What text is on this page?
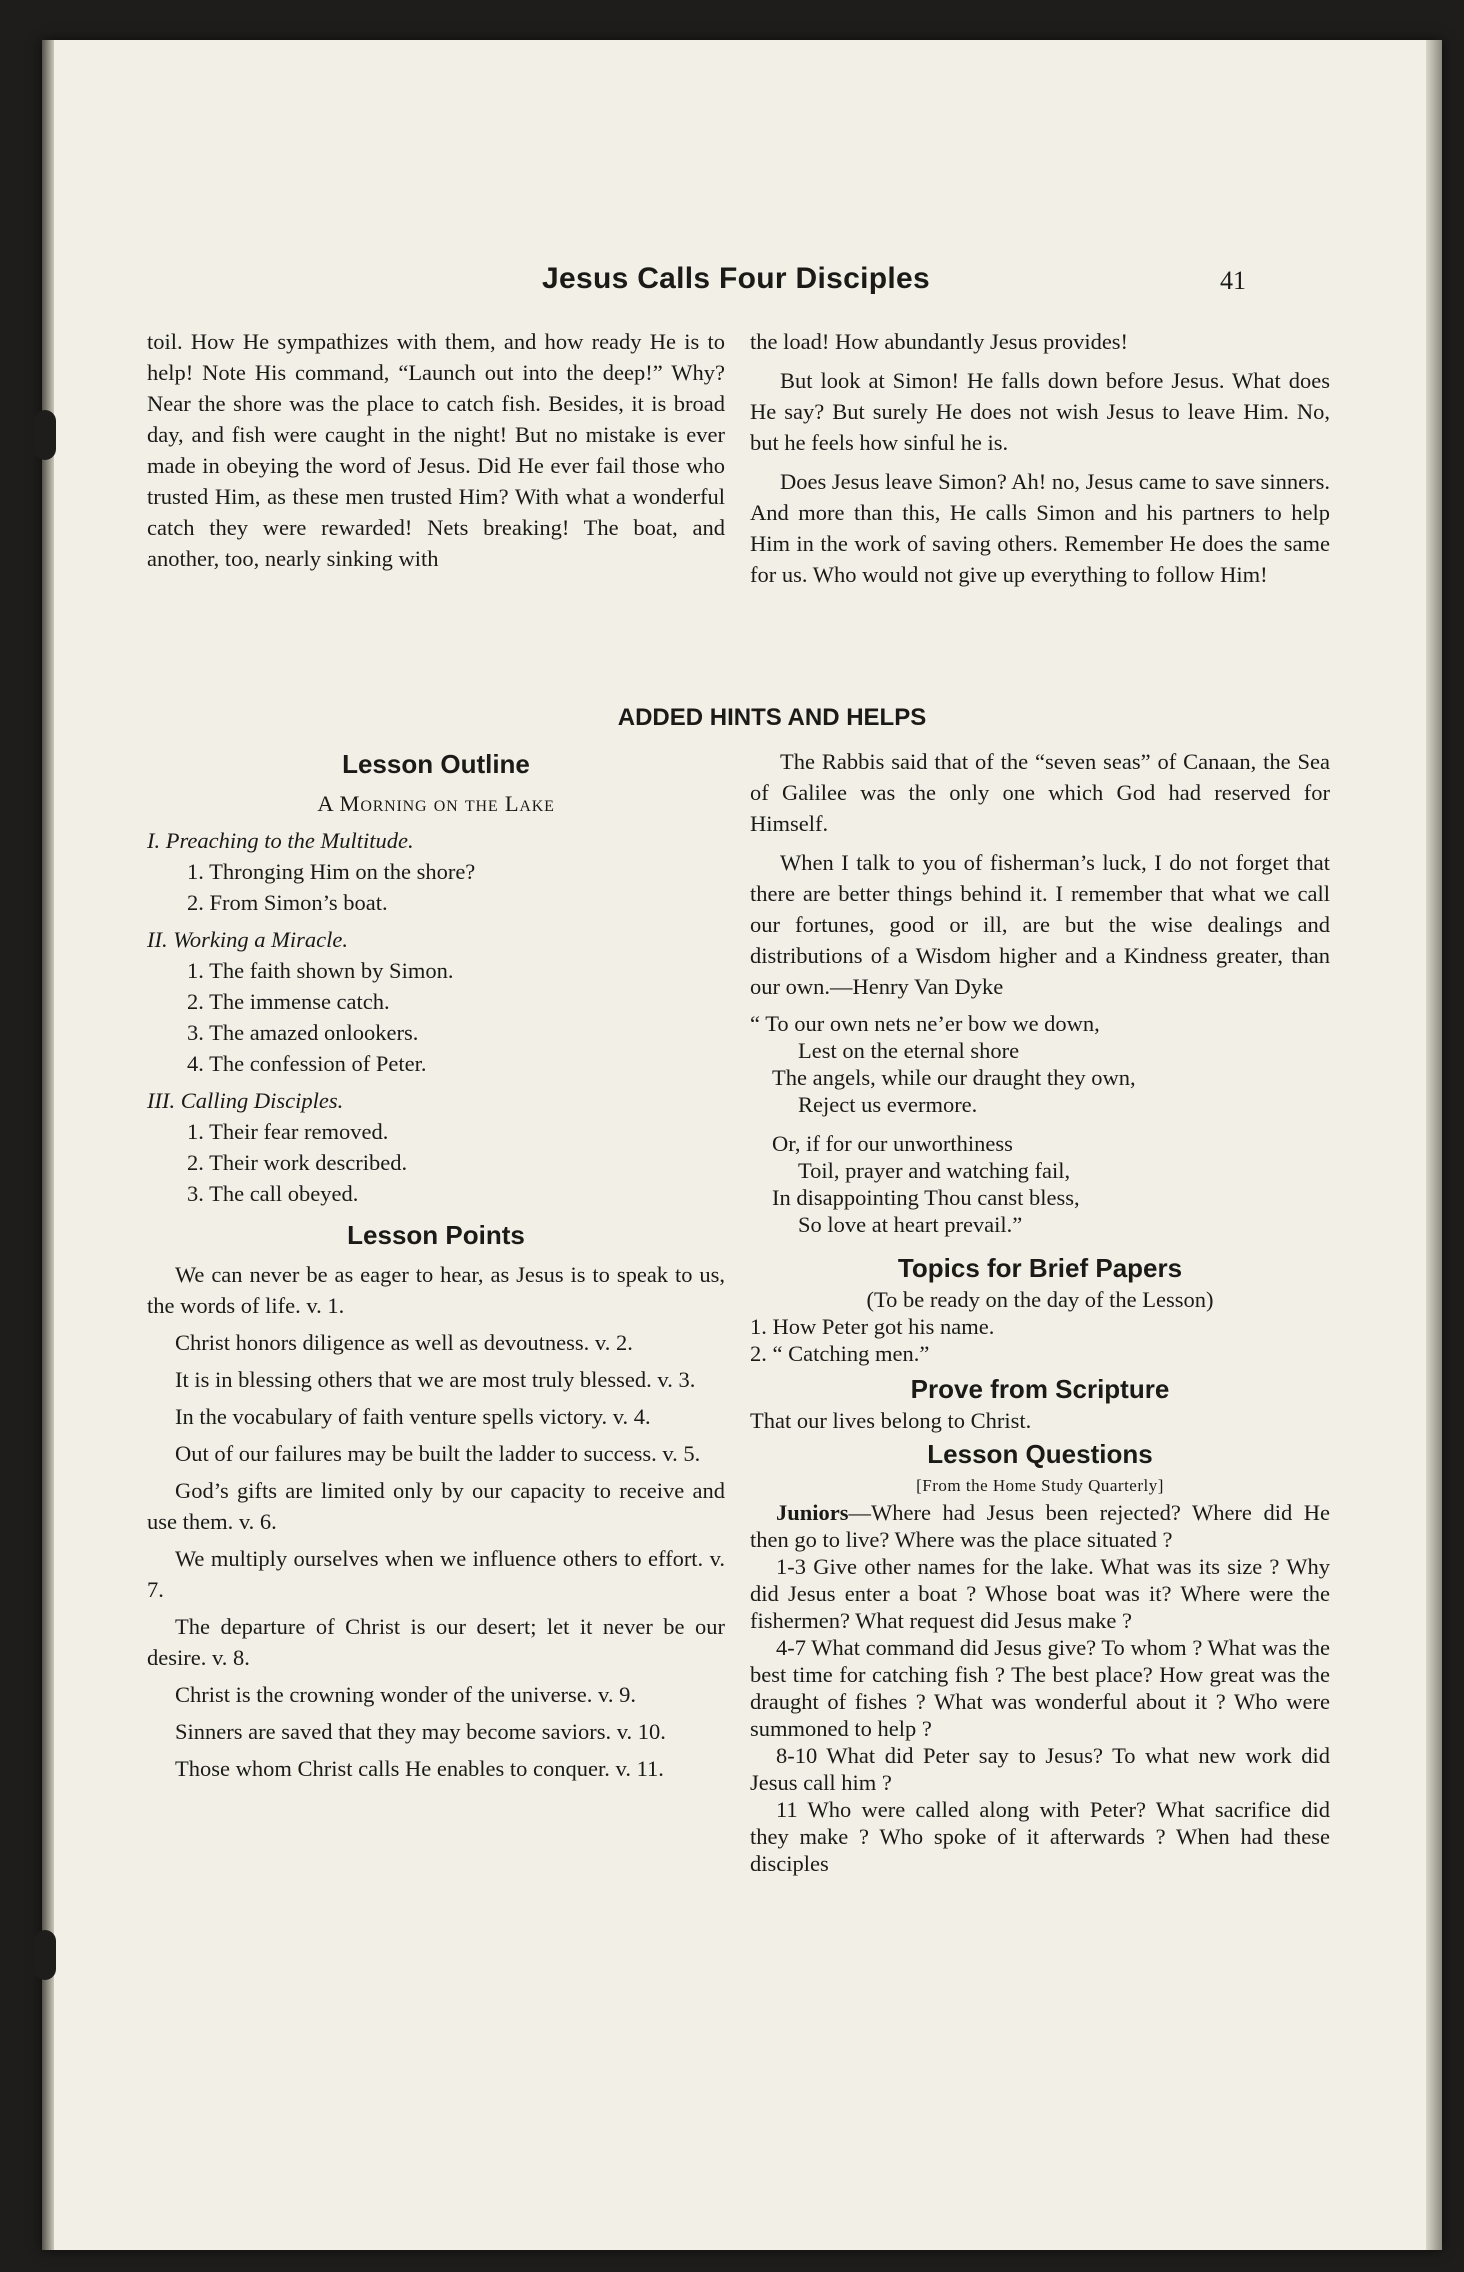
Jesus Calls Four Disciples	41

toil. How He sympathizes with them, and how ready He is to help! Note His command, “Launch out into the deep!” Why? Near the shore was the place to catch fish. Besides, it is broad day, and fish were caught in the night! But no mistake is ever made in obeying the word of Jesus. Did He ever fail those who trusted Him, as these men trusted Him? With what a wonderful catch they were rewarded! Nets breaking! The boat, and another, too, nearly sinking with

the load! How abundantly Jesus provides!

But look at Simon! He falls down before Jesus. What does He say? But surely He does not wish Jesus to leave Him. No, but he feels how sinful he is.

Does Jesus leave Simon? Ah! no, Jesus came to save sinners. And more than this, He calls Simon and his partners to help Him in the work of saving others. Remember He does the same for us. Who would not give up everything to follow Him!

ADDED HINTS AND HELPS
Lesson Outline
A Morning on the Lake
I. Preaching to the Multitude.
1. Thronging Him on the shore?
2. From Simon’s boat.
II. Working a Miracle.
1. The faith shown by Simon.
2. The immense catch.
3. The amazed onlookers.
4. The confession of Peter.
III. Calling Disciples.
1. Their fear removed.
2. Their work described.
3. The call obeyed.
Lesson Points
We can never be as eager to hear, as Jesus is to speak to us, the words of life. v. 1.
Christ honors diligence as well as devoutness. v. 2.
It is in blessing others that we are most truly blessed. v. 3.
In the vocabulary of faith venture spells victory. v. 4.
Out of our failures may be built the ladder to success. v. 5.
God’s gifts are limited only by our capacity to receive and use them. v. 6.
We multiply ourselves when we influence others to effort. v. 7.
The departure of Christ is our desert; let it never be our desire. v. 8.
Christ is the crowning wonder of the universe. v. 9.
Sinners are saved that they may become saviors. v. 10.
Those whom Christ calls He enables to conquer. v. 11.
The Rabbis said that of the “seven seas” of Canaan, the Sea of Galilee was the only one which God had reserved for Himself.
When I talk to you of fisherman’s luck, I do not forget that there are better things behind it. I remember that what we call our fortunes, good or ill, are but the wise dealings and distributions of a Wisdom higher and a Kindness greater, than our own.—Henry Van Dyke
“ To our own nets ne’er bow we down,
Lest on the eternal shore
The angels, while our draught they own,
Reject us evermore.
Or, if for our unworthiness
Toil, prayer and watching fail,
In disappointing Thou canst bless,
So love at heart prevail.”
Topics for Brief Papers
(To be ready on the day of the Lesson)
1. How Peter got his name.
2. “ Catching men.”
Prove from Scripture
That our lives belong to Christ.
Lesson Questions
[From the Home Study Quarterly]
Juniors—Where had Jesus been rejected? Where did He then go to live? Where was the place situated ?
1-3 Give other names for the lake. What was its size ? Why did Jesus enter a boat ? Whose boat was it? Where were the fishermen? What request did Jesus make ?
4-7 What command did Jesus give? To whom ? What was the best time for catching fish ? The best place? How great was the draught of fishes ? What was wonderful about it ? Who were summoned to help ?
8-10 What did Peter say to Jesus? To what new work did Jesus call him ?
11 Who were called along with Peter? What sacrifice did they make ? Who spoke of it afterwards ? When had these disciples
